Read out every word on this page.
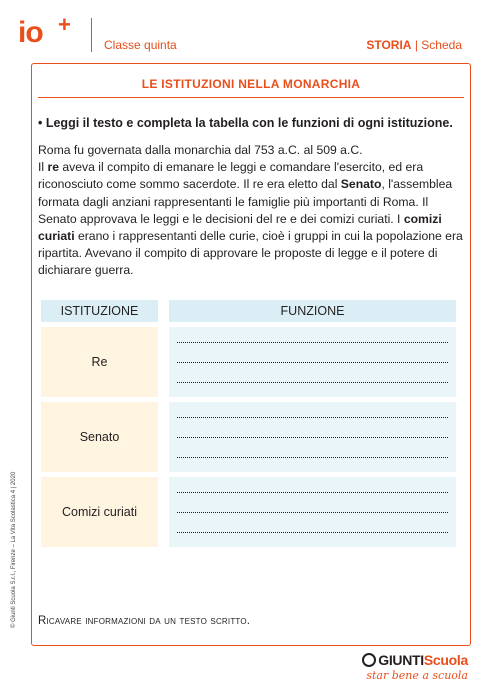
io +
Classe quinta	STORIA | Scheda
LE ISTITUZIONI NELLA MONARCHIA
• Leggi il testo e completa la tabella con le funzioni di ogni istituzione.

Roma fu governata dalla monarchia dal 753 a.C. al 509 a.C.

Il re aveva il compito di emanare le leggi e comandare l'esercito, ed era riconosciuto come sommo sacerdote. Il re era eletto dal Senato, l'assemblea formata dagli anziani rappresentanti le famiglie più importanti di Roma. Il Senato approvava le leggi e le decisioni del re e dei comizi curiati. I comizi curiati erano i rappresentanti delle curie, cioè i gruppi in cui la popolazione era ripartita. Avevano il compito di approvare le proposte di legge e il potere di dichiarare guerra.

ISTITUZIONE	FUNZIONE
Re
Senato
Comizi curiati
Ricavare informazioni da un testo scritto.
© Giunti Scuola S.r.l., Firenze – La Vita Scolastica 4 | 2020
GIUNTIScuola
star bene a scuola
